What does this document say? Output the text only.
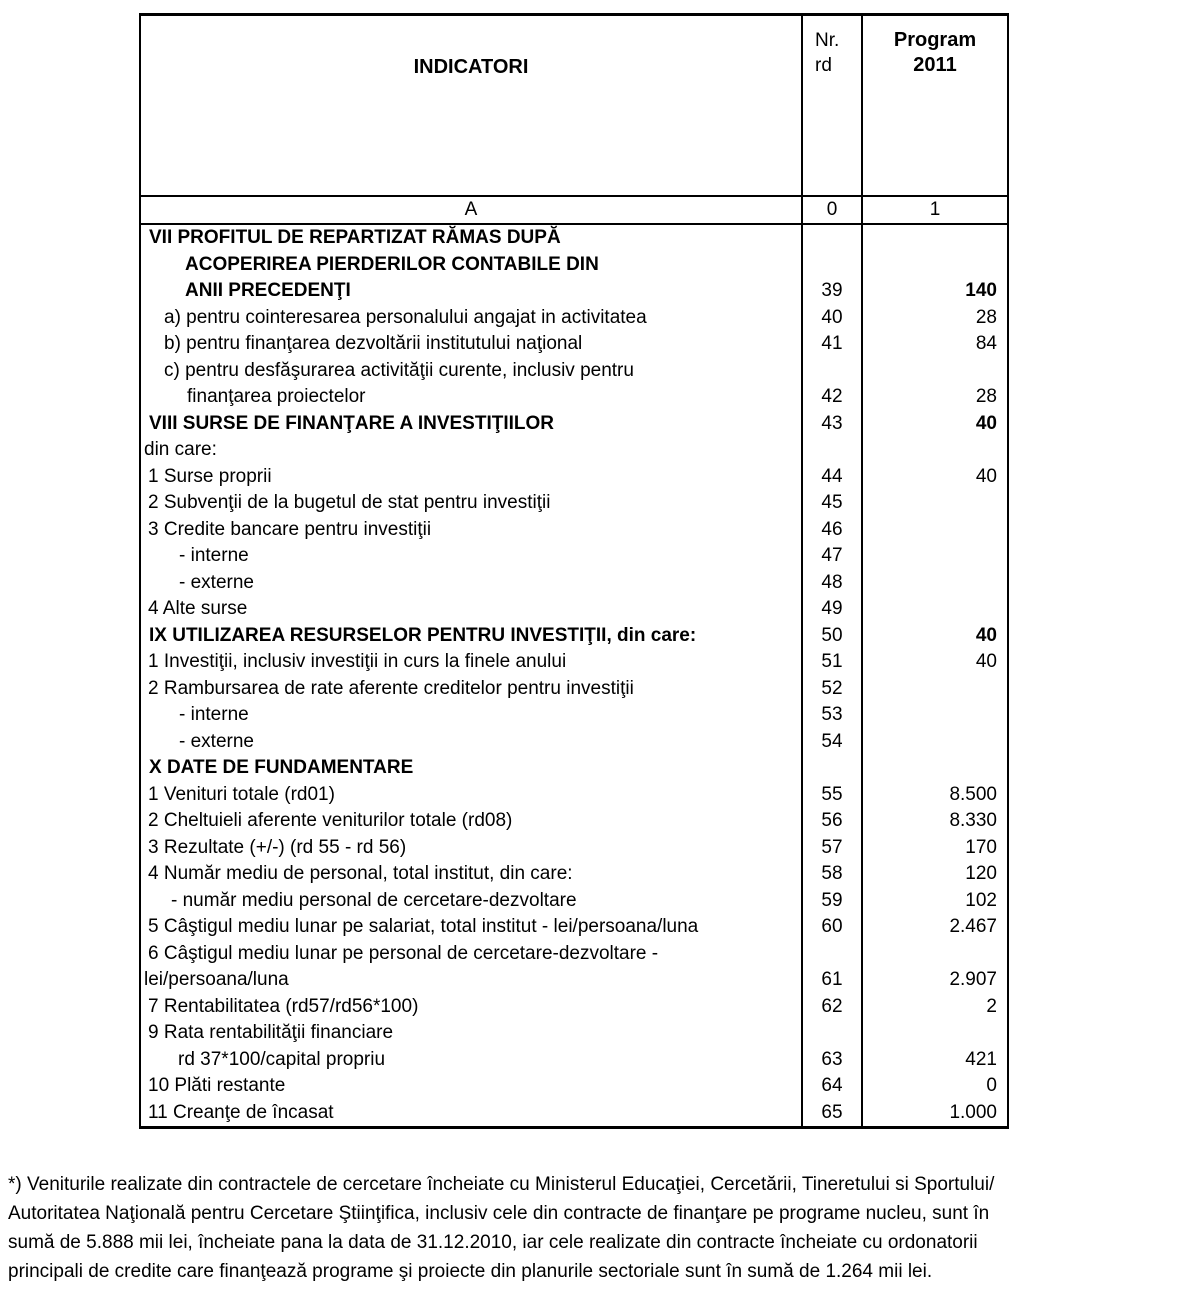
INDICATORI	
Nr.
rd

Program
2011

A	0	1
VII PROFITUL DE REPARTIZAT RĂMAS DUPĂ		
ACOPERIREA PIERDERILOR CONTABILE DIN		
ANII PRECEDENŢI	39	140
a) pentru cointeresarea personalului angajat in activitatea	40	28
b) pentru finanţarea dezvoltării institutului naţional	41	84
c) pentru desfăşurarea activităţii curente, inclusiv pentru		
finanţarea proiectelor	42	28
VIII SURSE DE FINANŢARE A INVESTIŢIILOR	43	40
din care:		
1 Surse proprii	44	40
2 Subvenţii de la bugetul de stat pentru investiţii	45	
3 Credite bancare pentru investiţii	46	
- interne	47	
- externe	48	
4 Alte surse	49	
IX UTILIZAREA RESURSELOR PENTRU INVESTIŢII, din care:	50	40
1 Investiţii, inclusiv investiţii in curs la finele anului	51	40
2 Rambursarea de rate aferente creditelor pentru investiţii	52	
- interne	53	
- externe	54	
X DATE DE FUNDAMENTARE		
1 Venituri totale (rd01)	55	8.500
2 Cheltuieli aferente veniturilor totale (rd08)	56	8.330
3 Rezultate (+/-) (rd 55 - rd 56)	57	170
4 Număr mediu de personal, total institut, din care:	58	120
- număr mediu personal de cercetare-dezvoltare	59	102
5 Câştigul mediu lunar pe salariat, total institut - lei/persoana/luna	60	2.467
6 Câştigul mediu lunar pe personal de cercetare-dezvoltare -		
lei/persoana/luna	61	2.907
7 Rentabilitatea (rd57/rd56*100)	62	2
9 Rata rentabilităţii financiare		
rd 37*100/capital propriu	63	421
10 Plăti restante	64	0
11 Creanţe de încasat	65	1.000
*) Veniturile realizate din contractele de cercetare încheiate cu Ministerul Educaţiei, Cercetării, Tineretului si Sportului/
Autoritatea Naţională pentru Cercetare Ştiinţifica, inclusiv cele din contracte de finanţare pe programe nucleu, sunt în
sumă de 5.888 mii lei, încheiate pana la data de 31.12.2010, iar cele realizate din contracte încheiate cu ordonatorii
principali de credite care finanţează programe şi proiecte din planurile sectoriale sunt în sumă de 1.264 mii lei.
